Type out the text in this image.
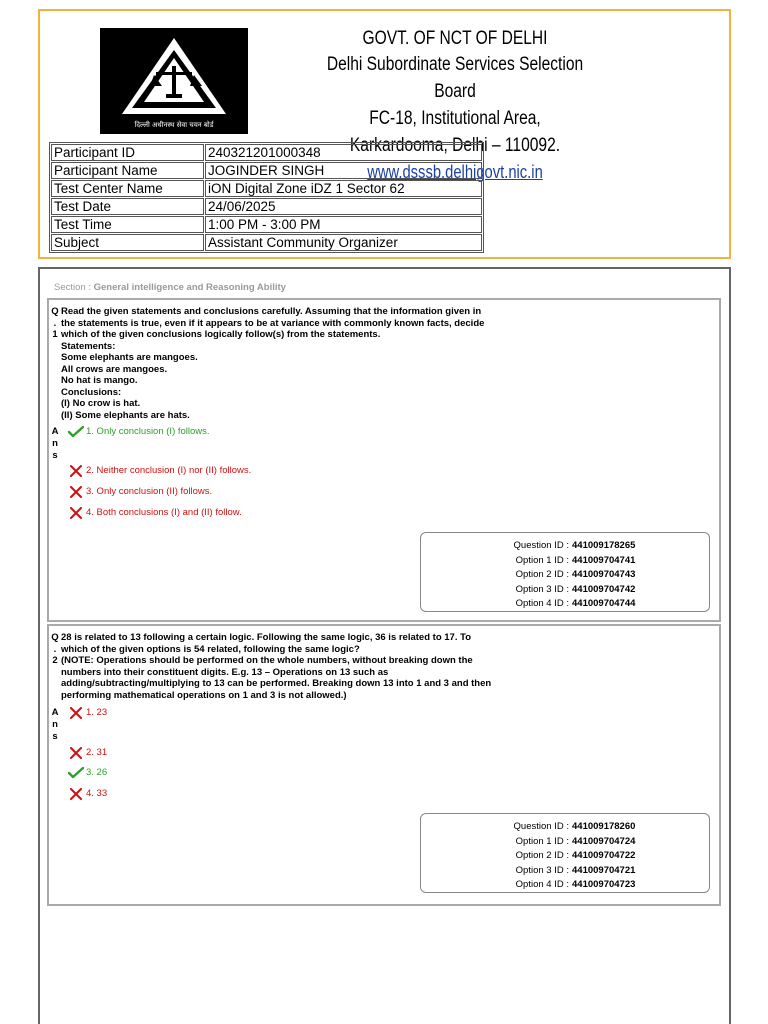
दिल्ली अधीनस्थ सेवा चयन बोर्ड
GOVT. OF NCT OF DELHI
Delhi Subordinate Services Selection Board
FC-18, Institutional Area, Karkardooma, Delhi – 110092.
www.dsssb.delhigovt.nic.in
Participant ID	240321201000348
Participant Name	JOGINDER SINGH
Test Center Name	iON Digital Zone iDZ 1 Sector 62
Test Date	24/06/2025
Test Time	1:00 PM - 3:00 PM
Subject	Assistant Community Organizer
Section : General intelligence and Reasoning Ability
Q
.
1
Read the given statements and conclusions carefully. Assuming that the information given in
the statements is true, even if it appears to be at variance with commonly known facts, decide
which of the given conclusions logically follow(s) from the statements.
Statements:
Some elephants are mangoes.
All crows are mangoes.
No hat is mango.
Conclusions:
(I) No crow is hat.
(II) Some elephants are hats.
A
n
s
1. Only conclusion (I) follows.
2. Neither conclusion (I) nor (II) follows.
3. Only conclusion (II) follows.
4. Both conclusions (I) and (II) follow.
Question ID : 441009178265
Option 1 ID : 441009704741
Option 2 ID : 441009704743
Option 3 ID : 441009704742
Option 4 ID : 441009704744
Q
.
2
28 is related to 13 following a certain logic. Following the same logic, 36 is related to 17. To
which of the given options is 54 related, following the same logic?
(NOTE: Operations should be performed on the whole numbers, without breaking down the
numbers into their constituent digits. E.g. 13 – Operations on 13 such as
adding/subtracting/multiplying to 13 can be performed. Breaking down 13 into 1 and 3 and then
performing mathematical operations on 1 and 3 is not allowed.)
A
n
s
1. 23
2. 31
3. 26
4. 33
Question ID : 441009178260
Option 1 ID : 441009704724
Option 2 ID : 441009704722
Option 3 ID : 441009704721
Option 4 ID : 441009704723
